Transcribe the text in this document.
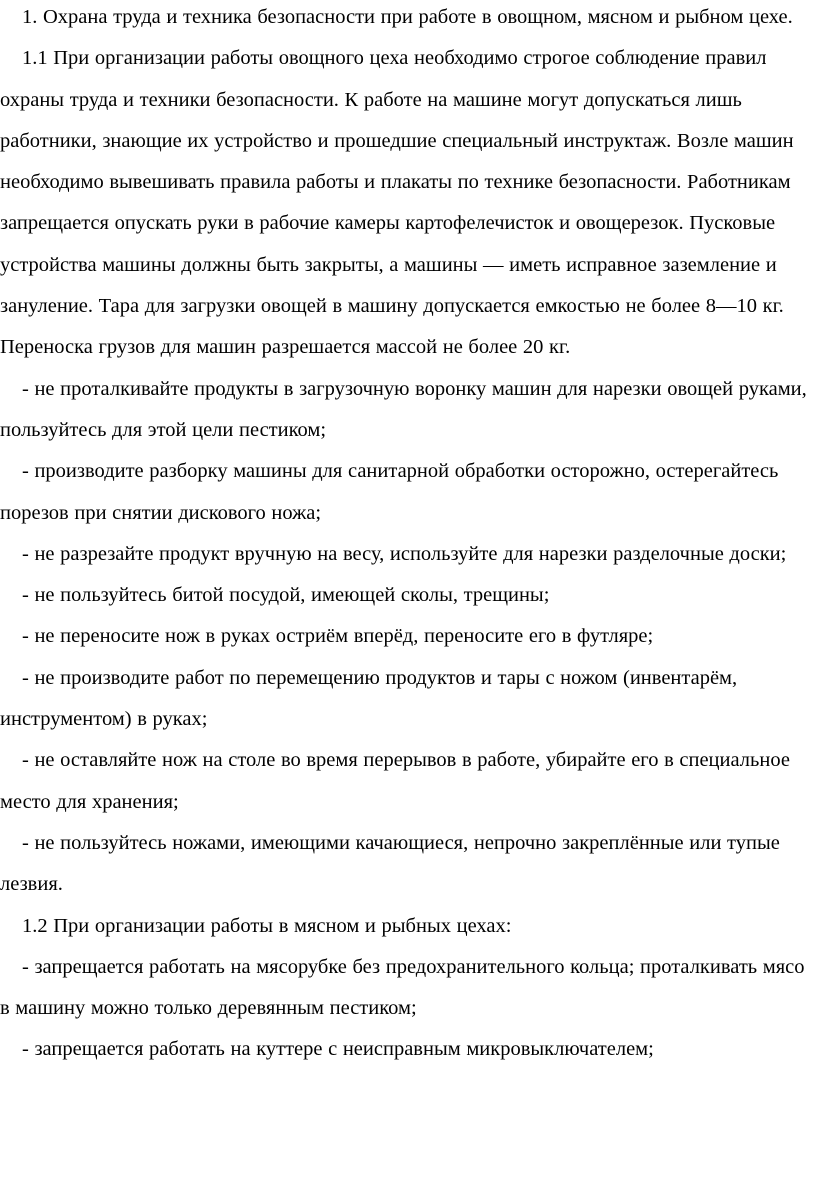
1. Охрана труда и техника безопасности при работе в овощном, мясном и рыбном цехе.

1.1 При организации работы овощного цеха необходимо строгое соблюдение правил охраны труда и техники безопасности. К работе на машине могут допускаться лишь работники, знающие их устройство и прошедшие специальный инструктаж. Возле машин необходимо вывешивать правила работы и плакаты по технике безопасности. Работникам запрещается опускать руки в рабочие камеры картофелечисток и овощерезок. Пусковые устройства машины должны быть закрыты, а машины — иметь исправное заземление и зануление. Тара для загрузки овощей в машину допускается емкостью не более 8—10 кг. Переноска грузов для машин разрешается массой не более 20 кг.

- не проталкивайте продукты в загрузочную воронку машин для нарезки овощей руками, пользуйтесь для этой цели пестиком;

- производите разборку машины для санитарной обработки осторожно, остерегайтесь порезов при снятии дискового ножа;

- не разрезайте продукт вручную на весу, используйте для нарезки разделочные доски;

- не пользуйтесь битой посудой, имеющей сколы, трещины;

- не переносите нож в руках остриём вперёд, переносите его в футляре;

- не производите работ по перемещению продуктов и тары с ножом (инвентарём, инструментом) в руках;

- не оставляйте нож на столе во время перерывов в работе, убирайте его в специальное место для хранения;

- не пользуйтесь ножами, имеющими качающиеся, непрочно закреплённые или тупые лезвия.

1.2 При организации работы в мясном и рыбных цехах:

- запрещается работать на мясорубке без предохранительного кольца; проталкивать мясо в машину можно только деревянным пестиком;

- запрещается работать на куттере с неисправным микровыключателем;
